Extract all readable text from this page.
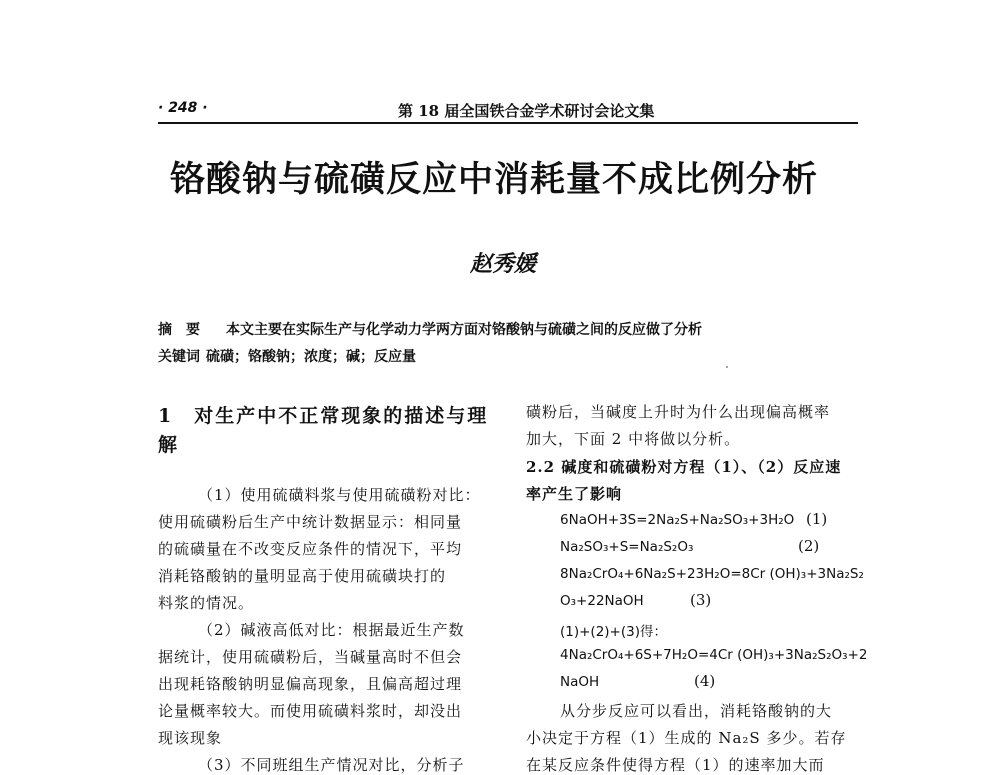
· 248 ·	第 18 届全国铁合金学术研讨会论文集
铬酸钠与硫磺反应中消耗量不成比例分析
赵秀媛
摘　要 本文主要在实际生产与化学动力学两方面对铬酸钠与硫磺之间的反应做了分析
关键词 硫磺；铬酸钠；浓度；碱；反应量
1　对生产中不正常现象的描述与理
解
（1）使用硫磺料浆与使用硫磺粉对比：
使用硫磺粉后生产中统计数据显示：相同量
的硫磺量在不改变反应条件的情况下，平均
消耗铬酸钠的量明显高于使用硫磺块打的
料浆的情况。
（2）碱液高低对比：根据最近生产数
据统计，使用硫磺粉后，当碱量高时不但会
出现耗铬酸钠明显偏高现象，且偏高超过理
论量概率较大。而使用硫磺料浆时，却没出
现该现象
（3）不同班组生产情况对比，分析子
磺粉后，当碱度上升时为什么出现偏高概率
加大，下面 2 中将做以分析。
2.2 碱度和硫磺粉对方程（1）、（2）反应速
率产生了影响
6NaOH+3S=2Na₂S+Na₂SO₃+3H₂O (1)
Na₂SO₃+S=Na₂S₂O₃	(2)
8Na₂CrO₄+6Na₂S+23H₂O=8Cr (OH)₃+3Na₂S₂
O₃+22NaOH	(3)
(1)+(2)+(3)得：
4Na₂CrO₄+6S+7H₂O=4Cr (OH)₃+3Na₂S₂O₃+2
NaOH	(4)
从分步反应可以看出，消耗铬酸钠的大
小决定于方程（1）生成的 Na₂S 多少。若存
在某反应条件使得方程（1）的速率加大而
